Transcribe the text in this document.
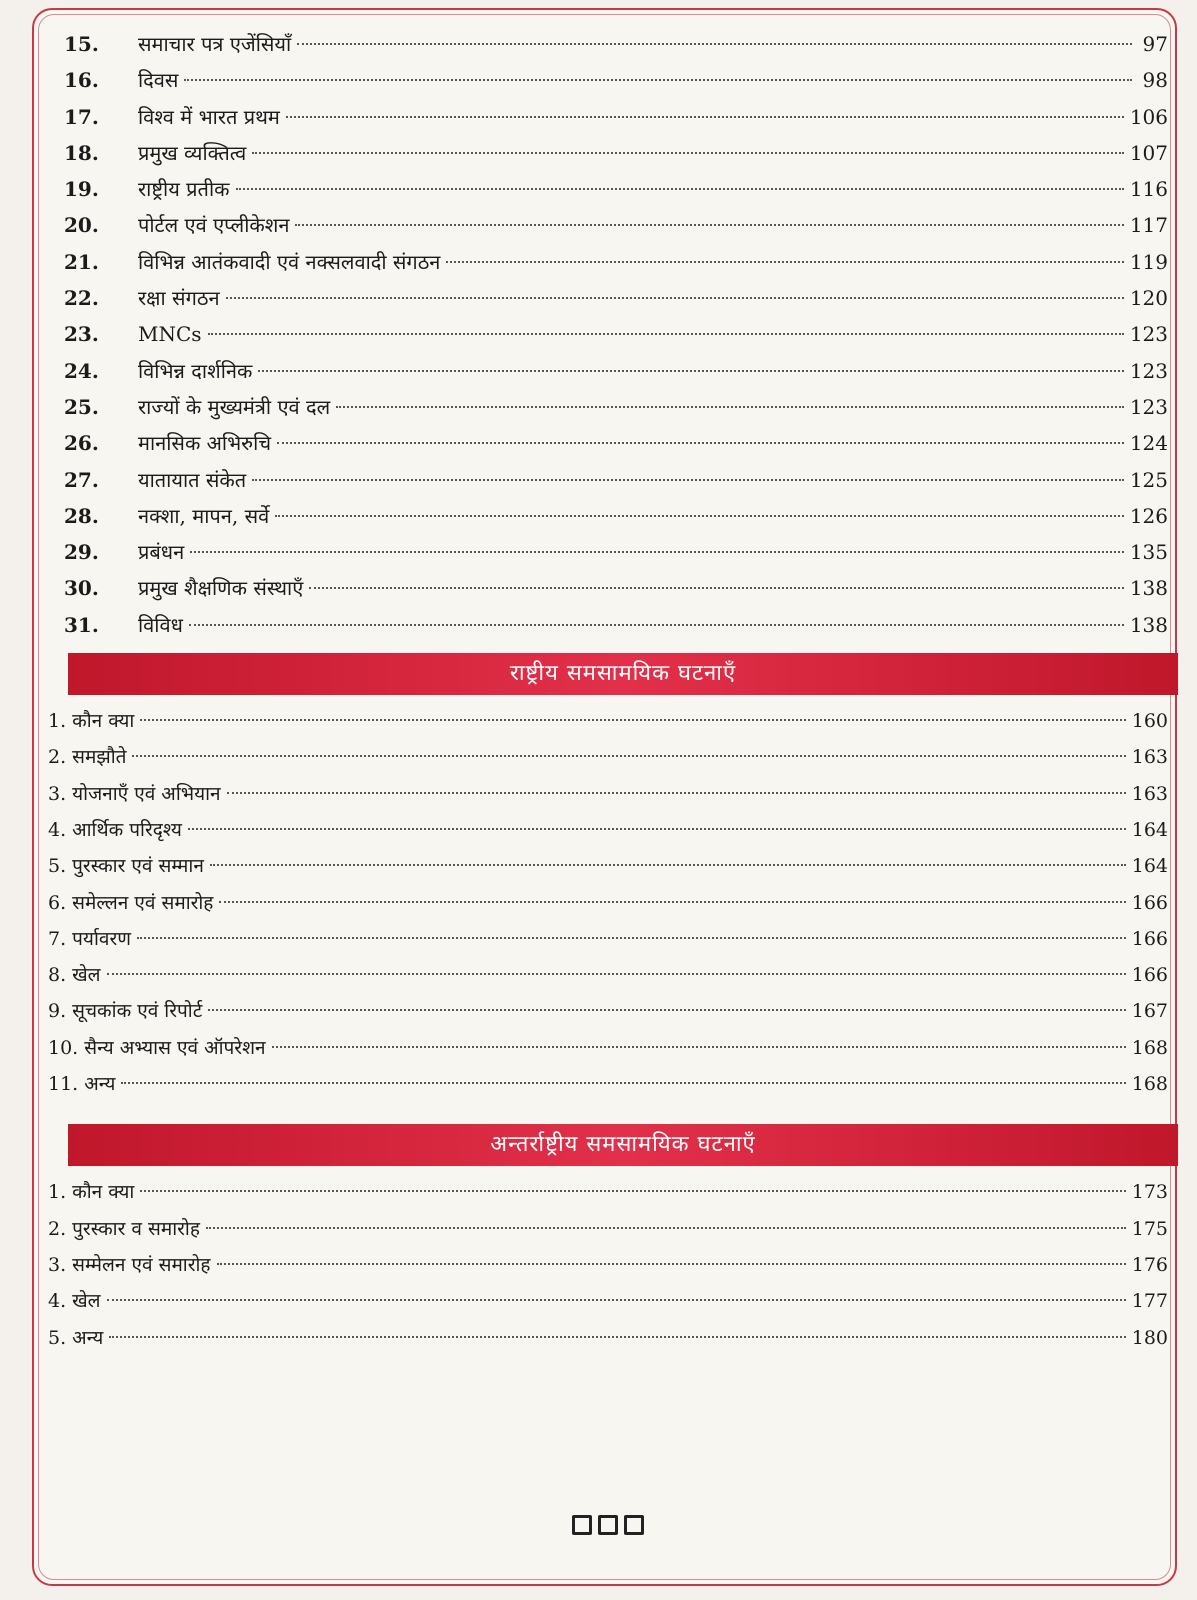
15.	समाचार पत्र एजेंसियाँ	97
16.	दिवस	98
17.	विश्व में भारत प्रथम	106
18.	प्रमुख व्यक्तित्व	107
19.	राष्ट्रीय प्रतीक	116
20.	पोर्टल एवं एप्लीकेशन	117
21.	विभिन्न आतंकवादी एवं नक्सलवादी संगठन	119
22.	रक्षा संगठन	120
23.	MNCs	123
24.	विभिन्न दार्शनिक	123
25.	राज्यों के मुख्यमंत्री एवं दल	123
26.	मानसिक अभिरुचि	124
27.	यातायात संकेत	125
28.	नक्शा, मापन, सर्वे	126
29.	प्रबंधन	135
30.	प्रमुख शैक्षणिक संस्थाएँ	138
31.	विविध	138
राष्ट्रीय समसामयिक घटनाएँ
1. कौन क्या	160
2. समझौते	163
3. योजनाएँ एवं अभियान	163
4. आर्थिक परिदृश्य	164
5. पुरस्कार एवं सम्मान	164
6. समेल्लन एवं समारोह	166
7. पर्यावरण	166
8. खेल	166
9. सूचकांक एवं रिपोर्ट	167
10. सैन्य अभ्यास एवं ऑपरेशन	168
11. अन्य	168
अन्तर्राष्ट्रीय समसामयिक घटनाएँ
1. कौन क्या	173
2. पुरस्कार व समारोह	175
3. सम्मेलन एवं समारोह	176
4. खेल	177
5. अन्य	180
